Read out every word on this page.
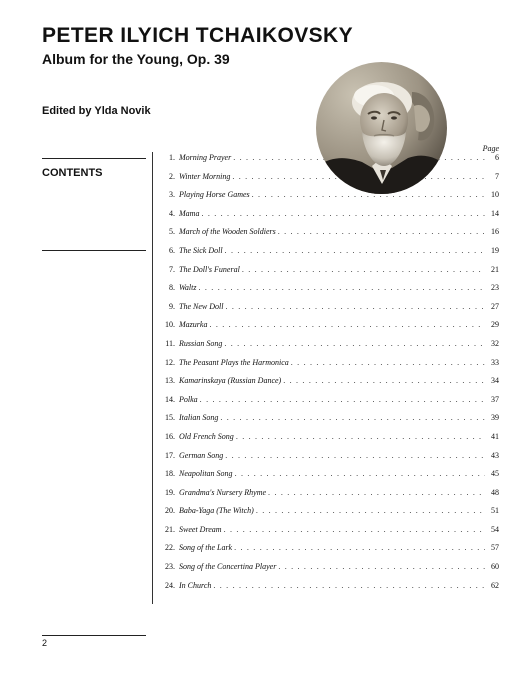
PETER ILYICH TCHAIKOVSKY
Album for the Young, Op. 39
Edited by Ylda Novik
CONTENTS
Page
1. Morning Prayer . . .	6
2. Winter Morning . . .	7
3. Playing Horse Games . . .	10
4. Mama . . .	14
5. March of the Wooden Soldiers . . .	16
6. The Sick Doll . . .	19
7. The Doll's Funeral . . .	21
8. Waltz . . .	23
9. The New Doll . . .	27
10. Mazurka . . .	29
11. Russian Song . . .	32
12. The Peasant Plays the Harmonica . . .	33
13. Kamarinskaya (Russian Dance) . . .	34
14. Polka . . .	37
15. Italian Song . . .	39
16. Old French Song . . .	41
17. German Song . . .	43
18. Neapolitan Song . . .	45
19. Grandma's Nursery Rhyme . . .	48
20. Baba-Yaga (The Witch) . . .	51
21. Sweet Dream . . .	54
22. Song of the Lark . . .	57
23. Song of the Concertina Player . . .	60
24. In Church . . .	62
2
